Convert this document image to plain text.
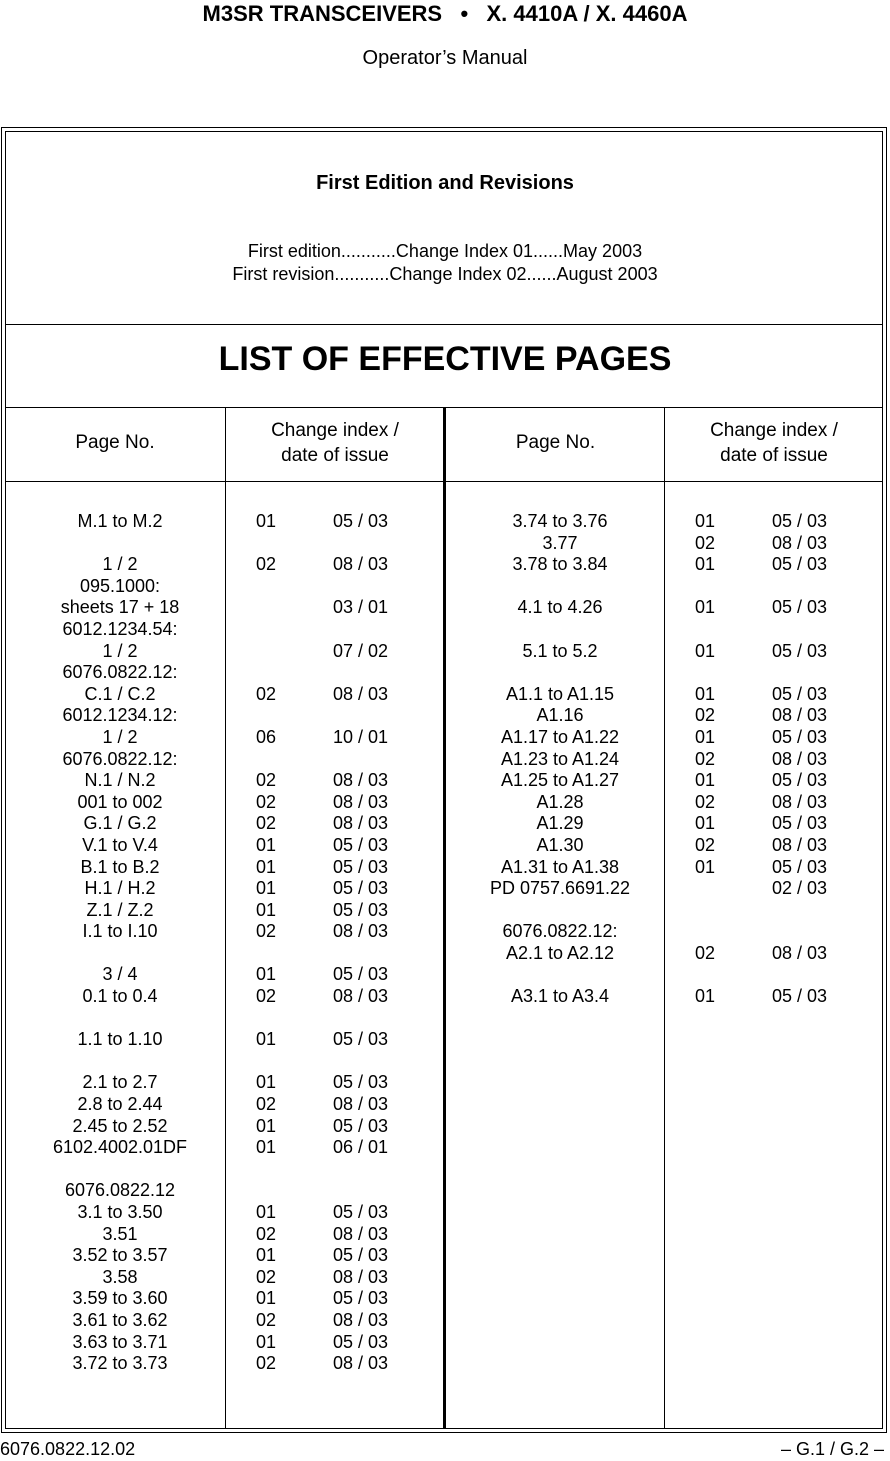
M3SR TRANSCEIVERS   •   X. 4410A / X. 4460A
Operator’s Manual
First Edition and Revisions
First edition...........Change Index 01......May 2003
First revision...........Change Index 02......August 2003
LIST OF EFFECTIVE PAGES
Page No.
Change index /
date of issue
Page No.
Change index /
date of issue
M.1 to M.2	01	05 / 03
1 / 2	02	08 / 03
095.1000:
sheets 17 + 18	03 / 01
6012.1234.54:
1 / 2	07 / 02
6076.0822.12:
C.1 / C.2	02	08 / 03
6012.1234.12:
1 / 2	06	10 / 01
6076.0822.12:
N.1 / N.2	02	08 / 03
001 to 002	02	08 / 03
G.1 / G.2	02	08 / 03
V.1 to V.4	01	05 / 03
B.1 to B.2	01	05 / 03
H.1 / H.2	01	05 / 03
Z.1 / Z.2	01	05 / 03
I.1 to I.10	02	08 / 03
3 / 4	01	05 / 03
0.1 to 0.4	02	08 / 03
1.1 to 1.10	01	05 / 03
2.1 to 2.7	01	05 / 03
2.8 to 2.44	02	08 / 03
2.45 to 2.52	01	05 / 03
6102.4002.01DF	01	06 / 01
6076.0822.12
3.1 to 3.50	01	05 / 03
3.51	02	08 / 03
3.52 to 3.57	01	05 / 03
3.58	02	08 / 03
3.59 to 3.60	01	05 / 03
3.61 to 3.62	02	08 / 03
3.63 to 3.71	01	05 / 03
3.72 to 3.73	02	08 / 03
3.74 to 3.76	01	05 / 03
3.77	02	08 / 03
3.78 to 3.84	01	05 / 03
4.1 to 4.26	01	05 / 03
5.1 to 5.2	01	05 / 03
A1.1 to A1.15	01	05 / 03
A1.16	02	08 / 03
A1.17 to A1.22	01	05 / 03
A1.23 to A1.24	02	08 / 03
A1.25 to A1.27	01	05 / 03
A1.28	02	08 / 03
A1.29	01	05 / 03
A1.30	02	08 / 03
A1.31 to A1.38	01	05 / 03
PD 0757.6691.22	02 / 03
6076.0822.12:
A2.1 to A2.12	02	08 / 03
A3.1 to A3.4	01	05 / 03
6076.0822.12.02	– G.1 / G.2 –
